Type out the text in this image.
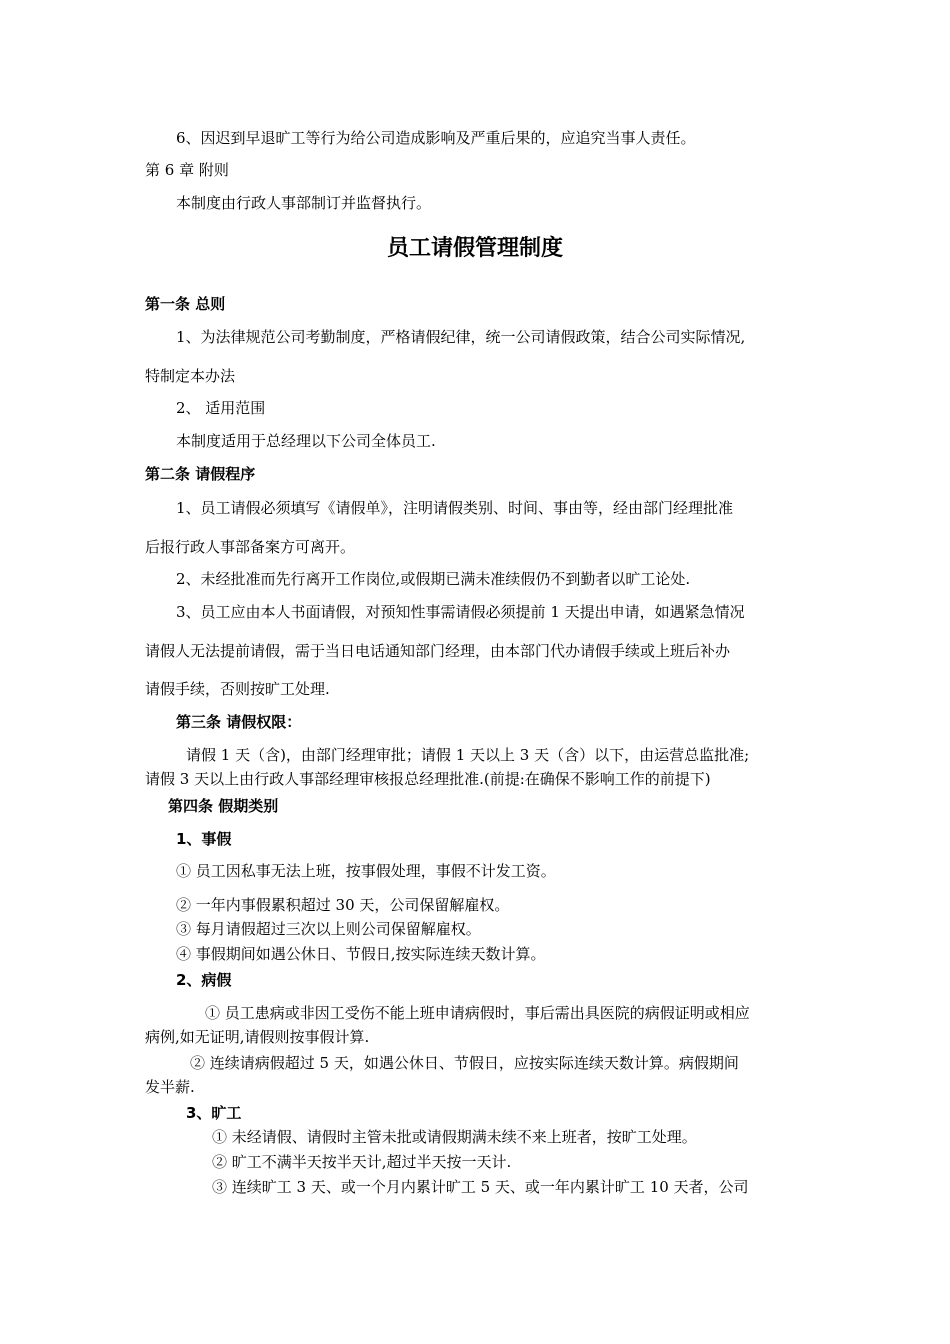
6、因迟到早退旷工等行为给公司造成影响及严重后果的，应追究当事人责任。
第 6 章 附则
本制度由行政人事部制订并监督执行。
员工请假管理制度
第一条 总则
1、为法律规范公司考勤制度，严格请假纪律，统一公司请假政策，结合公司实际情况,
特制定本办法
2、 适用范围
本制度适用于总经理以下公司全体员工.
第二条 请假程序
1、员工请假必须填写《请假单》，注明请假类别、时间、事由等，经由部门经理批准
后报行政人事部备案方可离开。
2、未经批准而先行离开工作岗位,或假期已满未准续假仍不到勤者以旷工论处.
3、员工应由本人书面请假，对预知性事需请假必须提前 1 天提出申请，如遇紧急情况
请假人无法提前请假，需于当日电话通知部门经理，由本部门代办请假手续或上班后补办
请假手续，否则按旷工处理.
第三条 请假权限：
请假 1 天（含)，由部门经理审批；请假 1 天以上 3 天（含）以下，由运营总监批准;
请假 3 天以上由行政人事部经理审核报总经理批准.(前提:在确保不影响工作的前提下)
第四条 假期类别
1、事假
① 员工因私事无法上班，按事假处理，事假不计发工资。
② 一年内事假累积超过 30 天，公司保留解雇权。
③ 每月请假超过三次以上则公司保留解雇权。
④ 事假期间如遇公休日、节假日,按实际连续天数计算。
2、病假
① 员工患病或非因工受伤不能上班申请病假时，事后需出具医院的病假证明或相应
病例,如无证明,请假则按事假计算.
② 连续请病假超过 5 天，如遇公休日、节假日，应按实际连续天数计算。病假期间
发半薪.
3、旷工
① 未经请假、请假时主管未批或请假期满未续不来上班者，按旷工处理。
② 旷工不满半天按半天计,超过半天按一天计.
③ 连续旷工 3 天、或一个月内累计旷工 5 天、或一年内累计旷工 10 天者，公司
